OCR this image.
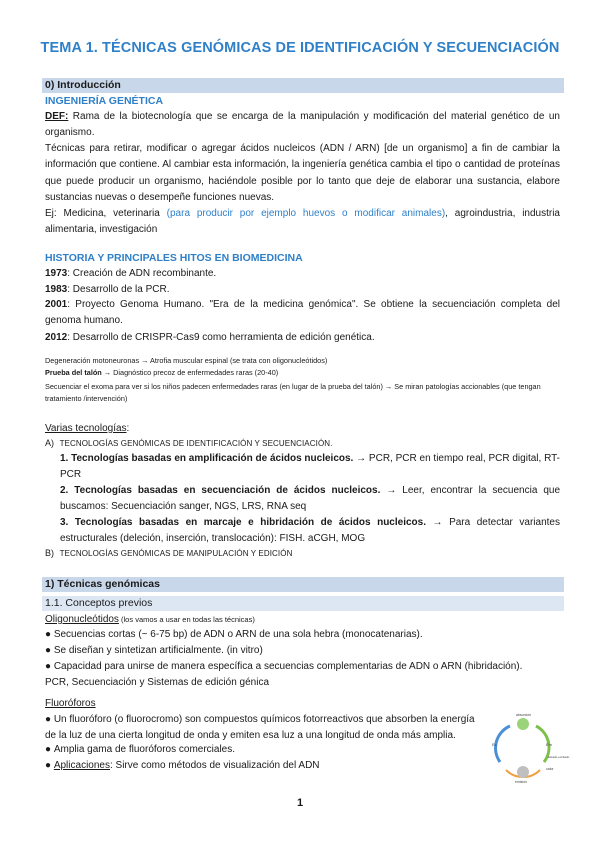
TEMA 1. TÉCNICAS GENÓMICAS DE IDENTIFICACIÓN Y SECUENCIACIÓN
0) Introducción
INGENIERÍA GENÉTICA
DEF: Rama de la biotecnología que se encarga de la manipulación y modificación del material genético de un organismo.
Técnicas para retirar, modificar o agregar ácidos nucleicos (ADN / ARN) [de un organismo] a fin de cambiar la información que contiene. Al cambiar esta información, la ingeniería genética cambia el tipo o cantidad de proteínas que puede producir un organismo, haciéndole posible por lo tanto que deje de elaborar una sustancia, elabore sustancias nuevas o desempeñe funciones nuevas.
Ej: Medicina, veterinaria (para producir por ejemplo huevos o modificar animales), agroindustria, industria alimentaria, investigación
HISTORIA Y PRINCIPALES HITOS EN BIOMEDICINA
1973: Creación de ADN recombinante.
1983: Desarrollo de la PCR.
2001: Proyecto Genoma Humano. "Era de la medicina genómica". Se obtiene la secuenciación completa del genoma humano.
2012: Desarrollo de CRISPR-Cas9 como herramienta de edición genética.
Degeneración motoneuronas → Atrofia muscular espinal (se trata con oligonucleótidos)
Prueba del talón → Diagnóstico precoz de enfermedades raras (20-40)
Secuenciar el exoma para ver si los niños padecen enfermedades raras (en lugar de la prueba del talón) → Se miran patologías accionables (que tengan tratamiento /intervención)
Varias tecnologías:
A) TECNOLOGÍAS GENÓMICAS DE IDENTIFICACIÓN Y SECUENCIACIÓN.
1. Tecnologías basadas en amplificación de ácidos nucleicos. → PCR, PCR en tiempo real, PCR digital, RT-PCR
2. Tecnologías basadas en secuenciación de ácidos nucleicos. → Leer, encontrar la secuencia que buscamos: Secuenciación sanger, NGS, LRS, RNA seq
3. Tecnologías basadas en marcaje e hibridación de ácidos nucleicos. → Para detectar variantes estructurales (deleción, inserción, translocación): FISH. aCGH, MOG
B) TECNOLOGÍAS GENÓMICAS DE MANIPULACIÓN Y EDICIÓN
1) Técnicas genómicas
1.1. Conceptos previos
Oligonucleótidos (los vamos a usar en todas las técnicas)
● Secuencias cortas (~ 6-75 bp) de ADN o ARN de una sola hebra (monocatenarias).
● Se diseñan y sintetizan artificialmente. (in vitro)
● Capacidad para unirse de manera específica a secuencias complementarias de ADN o ARN (hibridación).
PCR, Secuenciación y Sistemas de edición génica
Fluoróforos
● Un fluoróforo (o fluorocromo) son compuestos químicos fotorreactivos que absorben la energía de la luz de una cierta longitud de onda y emiten esa luz a una longitud de onda más amplia.
● Amplia gama de fluoróforos comerciales.
● Aplicaciones: Sirve como métodos de visualización del ADN
absorción
emisión
Ex	Em
Estado excitado
calor
1
